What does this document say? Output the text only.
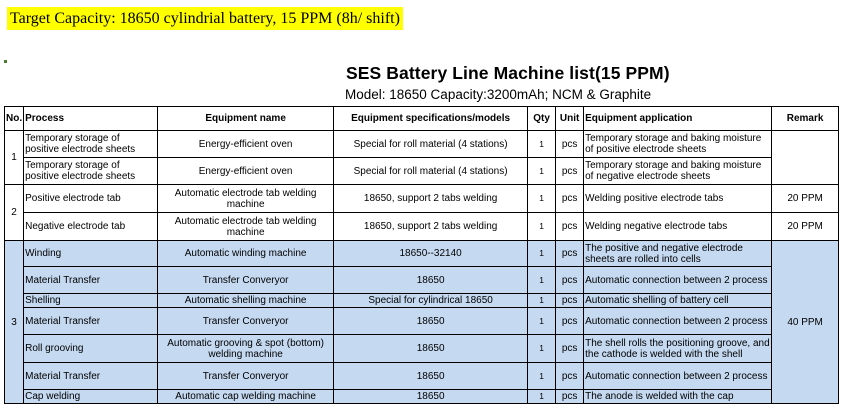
Target Capacity: 18650 cylindrial battery, 15 PPM (8h/ shift)
SES Battery Line Machine list(15 PPM)
Model: 18650 Capacity:3200mAh; NCM & Graphite
No.	Process	Equipment name	Equipment specifications/models	Qty	Unit	Equipment application	Remark
1	Temporary storage of positive electrode sheets	Energy-efficient oven	Special for roll material (4 stations)	1	pcs	Temporary storage and baking moisture of positive electrode sheets	
	Temporary storage of positive electrode sheets	Energy-efficient oven	Special for roll material (4 stations)	1	pcs	Temporary storage and baking moisture of negative electrode sheets	
2	Positive electrode tab	Automatic electrode tab welding machine	18650, support 2 tabs welding	1	pcs	Welding positive electrode tabs	20 PPM
	Negative electrode tab	Automatic electrode tab welding machine	18650, support 2 tabs welding	1	pcs	Welding negative electrode tabs	20 PPM
3	Winding	Automatic winding machine	18650--32140	1	pcs	The positive and negative electrode sheets are rolled into cells	40 PPM
	Material Transfer	Transfer Converyor	18650	1	pcs	Automatic connection between 2 process	
	Shelling	Automatic shelling machine	Special for cylindrical 18650	1	pcs	Automatic shelling of battery cell	
	Material Transfer	Transfer Converyor	18650	1	pcs	Automatic connection between 2 process	
	Roll grooving	Automatic grooving & spot (bottom) welding machine	18650	1	pcs	The shell rolls the positioning groove, and the cathode is welded with the shell	
	Material Transfer	Transfer Converyor	18650	1	pcs	Automatic connection between 2 process	
	Cap welding	Automatic cap welding machine	18650	1	pcs	The anode is welded with the cap	
